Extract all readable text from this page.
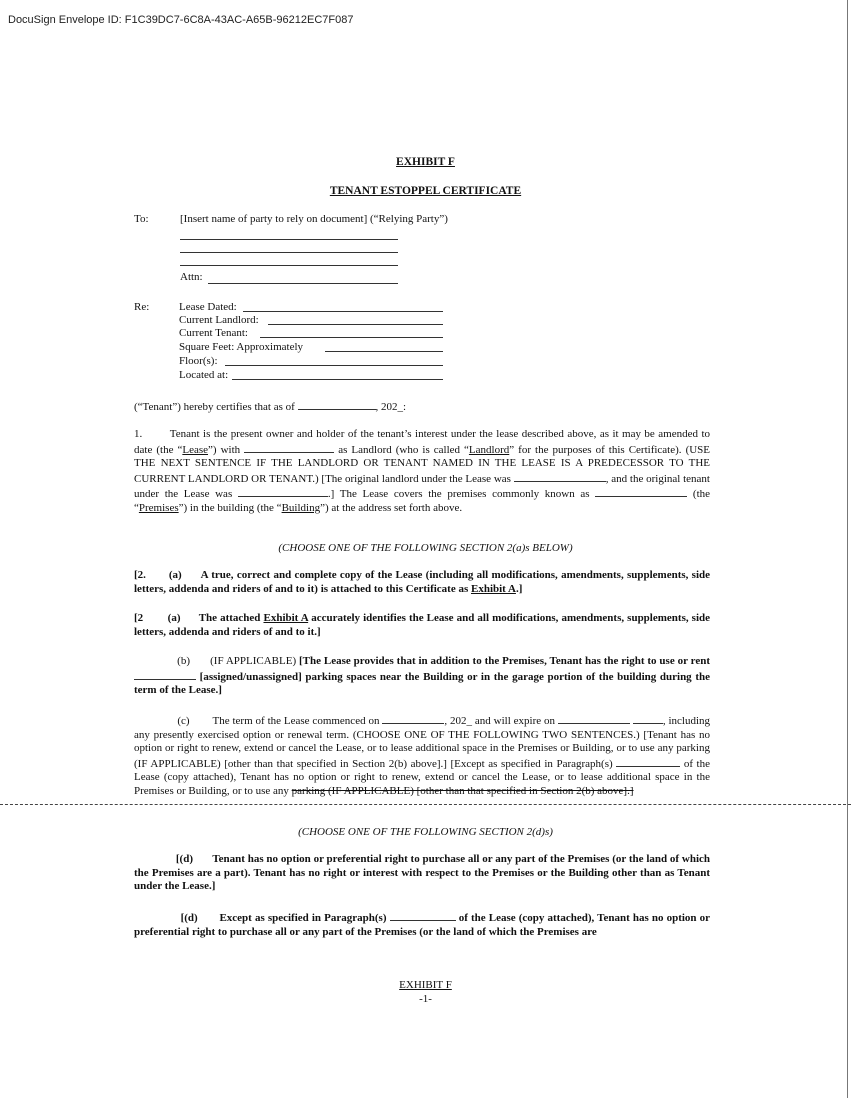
DocuSign Envelope ID: F1C39DC7-6C8A-43AC-A65B-96212EC7F087
EXHIBIT F
TENANT ESTOPPEL CERTIFICATE
To:	[Insert name of party to rely on document] (“Relying Party”)
Attn:
Re:	Lease Dated:
Current Landlord:
Current Tenant:
Square Feet: Approximately
Floor(s):
Located at:
(“Tenant”) hereby certifies that as of	, 202_:
1.	Tenant is the present owner and holder of the tenant’s interest under the lease described above, as it may be amended to date (the “Lease”) with	as Landlord (who is called “Landlord” for the purposes of this Certificate). (USE THE NEXT SENTENCE IF THE LANDLORD OR TENANT NAMED IN THE LEASE IS A PREDECESSOR TO THE CURRENT LANDLORD OR TENANT.) [The original landlord under the Lease was	, and the original tenant under the Lease was	.] The Lease covers the premises commonly known as	(the “Premises”) in the building (the “Building”) at the address set forth above.
(CHOOSE ONE OF THE FOLLOWING SECTION 2(a)s BELOW)
[2. (a) A true, correct and complete copy of the Lease (including all modifications, amendments, supplements, side letters, addenda and riders of and to it) is attached to this Certificate as Exhibit A.]
[2 (a) The attached Exhibit A accurately identifies the Lease and all modifications, amendments, supplements, side letters, addenda and riders of and to it.]
(b) (IF APPLICABLE) [The Lease provides that in addition to the Premises, Tenant has the right to use or rent  [assigned/unassigned] parking spaces near the Building or in the garage portion of the building during the term of the Lease.]
(c) The term of the Lease commenced on	, 202_ and will expire on	, including any presently exercised option or renewal term. (CHOOSE ONE OF THE FOLLOWING TWO SENTENCES.) [Tenant has no option or right to renew, extend or cancel the Lease, or to lease additional space in the Premises or Building, or to use any parking (IF APPLICABLE) [other than that specified in Section 2(b) above].] [Except as specified in Paragraph(s)	of the Lease (copy attached), Tenant has no option or right to renew, extend or cancel the Lease, or to lease additional space in the Premises or Building, or to use any parking (IF APPLICABLE) [other than that specified in Section 2(b) above].]
(CHOOSE ONE OF THE FOLLOWING SECTION 2(d)s)
[(d) Tenant has no option or preferential right to purchase all or any part of the Premises (or the land of which the Premises are a part). Tenant has no right or interest with respect to the Premises or the Building other than as Tenant under the Lease.]
[(d) Except as specified in Paragraph(s)	of the Lease (copy attached), Tenant has no option or preferential right to purchase all or any part of the Premises (or the land of which the Premises are
EXHIBIT F
-1-
